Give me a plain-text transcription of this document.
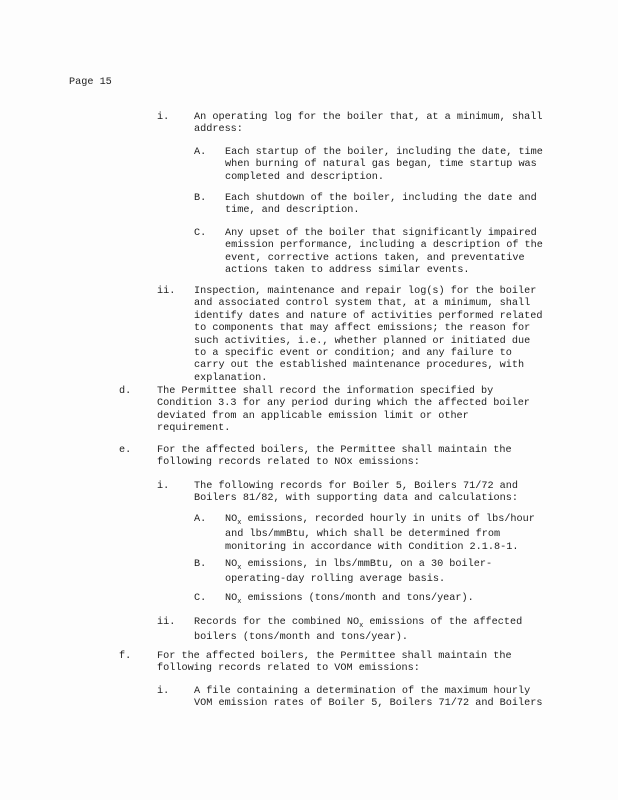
Page 15
i. An operating log for the boiler that, at a minimum, shall
address:
A. Each startup of the boiler, including the date, time
when burning of natural gas began, time startup was
completed and description.
B. Each shutdown of the boiler, including the date and
time, and description.
C. Any upset of the boiler that significantly impaired
emission performance, including a description of the
event, corrective actions taken, and preventative
actions taken to address similar events.
ii. Inspection, maintenance and repair log(s) for the boiler
and associated control system that, at a minimum, shall
identify dates and nature of activities performed related
to components that may affect emissions; the reason for
such activities, i.e., whether planned or initiated due
to a specific event or condition; and any failure to
carry out the established maintenance procedures, with
explanation.
d.	The Permittee shall record the information specified by
Condition 3.3 for any period during which the affected boiler
deviated from an applicable emission limit or other
requirement.
e.	For the affected boilers, the Permittee shall maintain the
following records related to NOx emissions:
i. The following records for Boiler 5, Boilers 71/72 and
Boilers 81/82, with supporting data and calculations:
A. $NO_x$ emissions, recorded hourly in units of lbs/hour
and lbs/mmBtu, which shall be determined from
monitoring in accordance with Condition 2.1.8-1.
B. $NO_x$ emissions, in lbs/mmBtu, on a 30 boiler-
operating-day rolling average basis.
C. $NO_x$ emissions (tons/month and tons/year).
ii. Records for the combined $NO_x$ emissions of the affected
boilers (tons/month and tons/year).
f.	For the affected boilers, the Permittee shall maintain the
following records related to VOM emissions:
i. A file containing a determination of the maximum hourly
VOM emission rates of Boiler 5, Boilers 71/72 and Boilers
